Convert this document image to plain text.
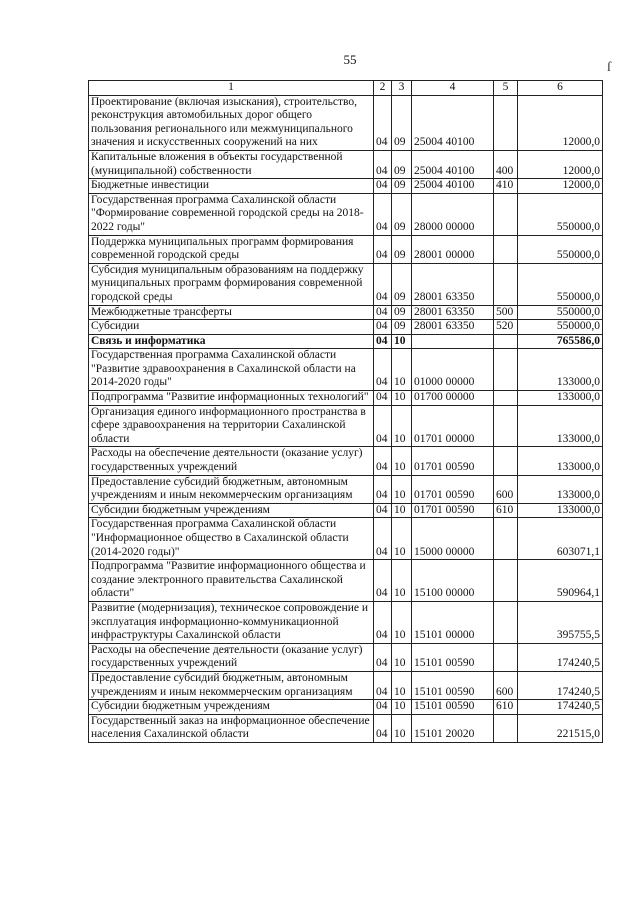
55
ſ
1	2	3	4	5	6
Проектирование (включая изыскания), строительство, реконструкция автомобильных дорог общего пользования регионального или межмуниципального значения и искусственных сооружений на них	04	09	25004 40100		12000,0
Капитальные вложения в объекты государственной (муниципальной) собственности	04	09	25004 40100	400	12000,0
Бюджетные инвестиции	04	09	25004 40100	410	12000,0
Государственная программа Сахалинской области "Формирование современной городской среды на 2018-2022 годы"	04	09	28000 00000		550000,0
Поддержка муниципальных программ формирования современной городской среды	04	09	28001 00000		550000,0
Субсидия муниципальным образованиям на поддержку муниципальных программ формирования современной городской среды	04	09	28001 63350		550000,0
Межбюджетные трансферты	04	09	28001 63350	500	550000,0
Субсидии	04	09	28001 63350	520	550000,0
Связь и информатика	04	10			765586,0
Государственная программа Сахалинской области "Развитие здравоохранения в Сахалинской области на 2014-2020 годы"	04	10	01000 00000		133000,0
Подпрограмма "Развитие информационных технологий"	04	10	01700 00000		133000,0
Организация единого информационного пространства в сфере здравоохранения на территории Сахалинской области	04	10	01701 00000		133000,0
Расходы на обеспечение деятельности (оказание услуг) государственных учреждений	04	10	01701 00590		133000,0
Предоставление субсидий бюджетным, автономным учреждениям и иным некоммерческим организациям	04	10	01701 00590	600	133000,0
Субсидии бюджетным учреждениям	04	10	01701 00590	610	133000,0
Государственная программа Сахалинской области "Информационное общество в Сахалинской области (2014-2020 годы)"	04	10	15000 00000		603071,1
Подпрограмма "Развитие информационного общества и создание электронного правительства Сахалинской области"	04	10	15100 00000		590964,1
Развитие (модернизация), техническое сопровождение и эксплуатация информационно-коммуникационной инфраструктуры Сахалинской области	04	10	15101 00000		395755,5
Расходы на обеспечение деятельности (оказание услуг) государственных учреждений	04	10	15101 00590		174240,5
Предоставление субсидий бюджетным, автономным учреждениям и иным некоммерческим организациям	04	10	15101 00590	600	174240,5
Субсидии бюджетным учреждениям	04	10	15101 00590	610	174240,5
Государственный заказ на информационное обеспечение населения Сахалинской области	04	10	15101 20020		221515,0
